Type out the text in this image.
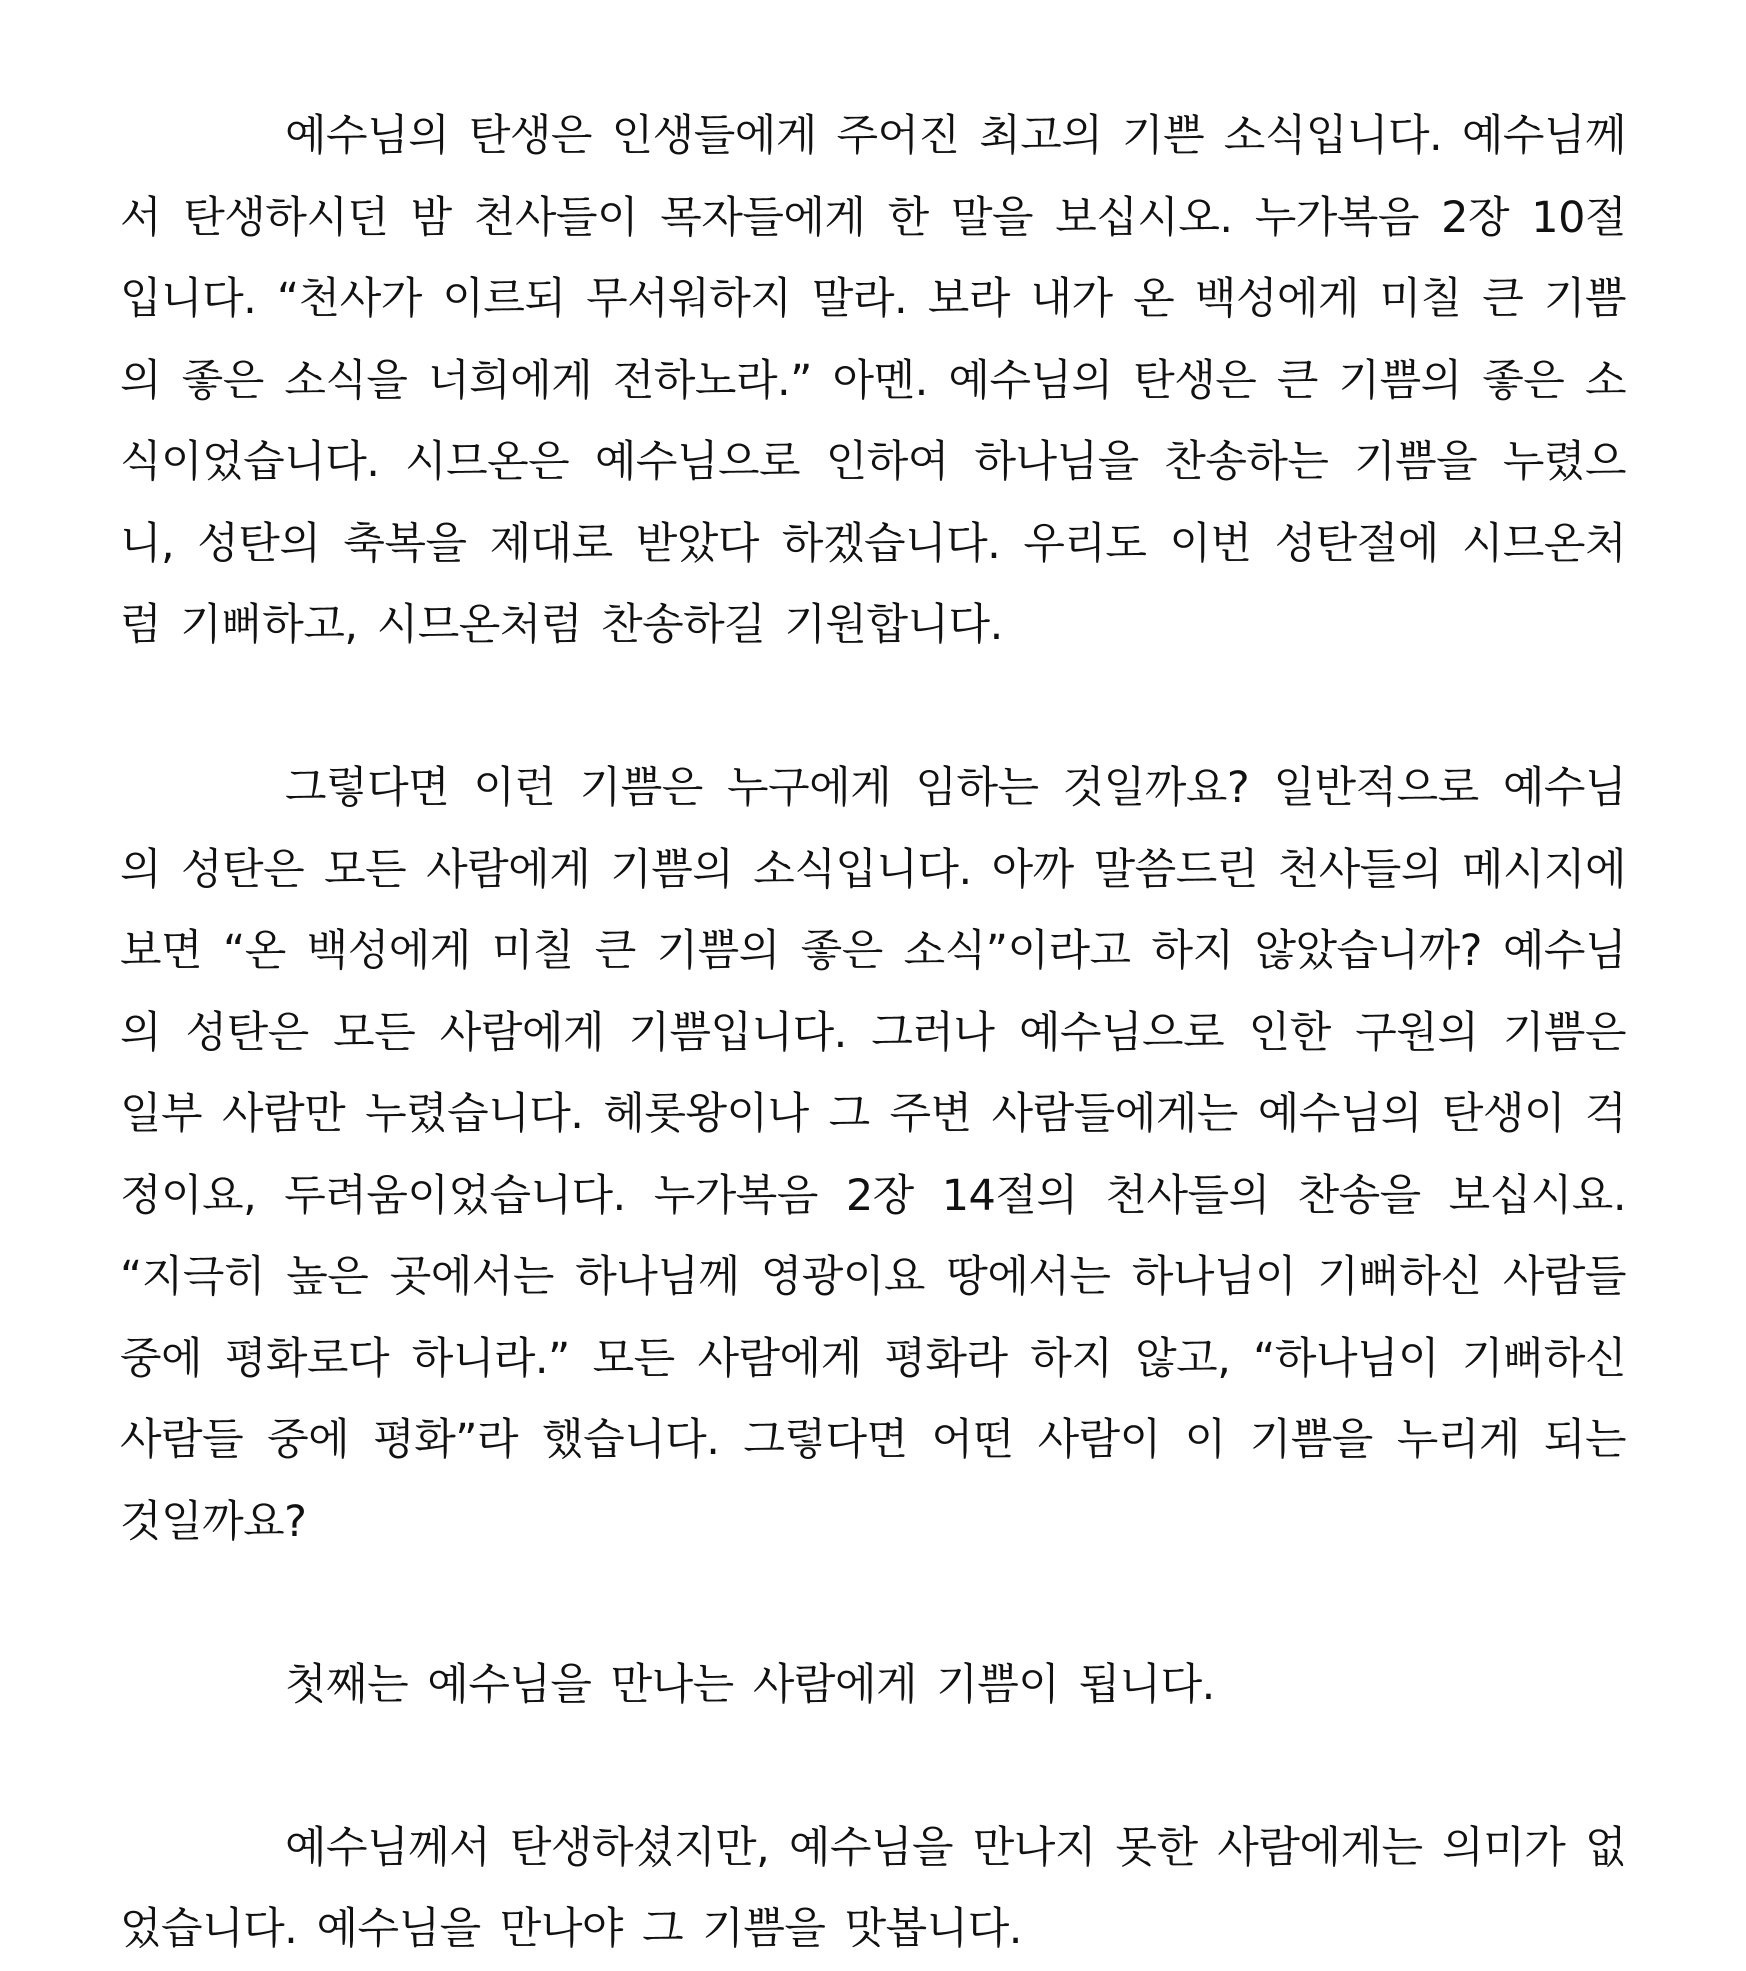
예수님의 탄생은 인생들에게 주어진 최고의 기쁜 소식입니다. 예수님께서 탄생하시던 밤 천사들이 목자들에게 한 말을 보십시오. 누가복음 2장 10절입니다. “천사가 이르되 무서워하지 말라. 보라 내가 온 백성에게 미칠 큰 기쁨의 좋은 소식을 너희에게 전하노라.” 아멘. 예수님의 탄생은 큰 기쁨의 좋은 소식이었습니다. 시므온은 예수님으로 인하여 하나님을 찬송하는 기쁨을 누렸으니, 성탄의 축복을 제대로 받았다 하겠습니다. 우리도 이번 성탄절에 시므온처럼 기뻐하고, 시므온처럼 찬송하길 기원합니다.

그렇다면 이런 기쁨은 누구에게 임하는 것일까요? 일반적으로 예수님의 성탄은 모든 사람에게 기쁨의 소식입니다. 아까 말씀드린 천사들의 메시지에 보면 “온 백성에게 미칠 큰 기쁨의 좋은 소식”이라고 하지 않았습니까? 예수님의 성탄은 모든 사람에게 기쁨입니다. 그러나 예수님으로 인한 구원의 기쁨은 일부 사람만 누렸습니다. 헤롯왕이나 그 주변 사람들에게는 예수님의 탄생이 걱정이요, 두려움이었습니다. 누가복음 2장 14절의 천사들의 찬송을 보십시요. “지극히 높은 곳에서는 하나님께 영광이요 땅에서는 하나님이 기뻐하신 사람들 중에 평화로다 하니라.” 모든 사람에게 평화라 하지 않고, “하나님이 기뻐하신 사람들 중에 평화”라 했습니다. 그렇다면 어떤 사람이 이 기쁨을 누리게 되는 것일까요?

첫째는 예수님을 만나는 사람에게 기쁨이 됩니다.

예수님께서 탄생하셨지만, 예수님을 만나지 못한 사람에게는 의미가 없었습니다. 예수님을 만나야 그 기쁨을 맛봅니다.
